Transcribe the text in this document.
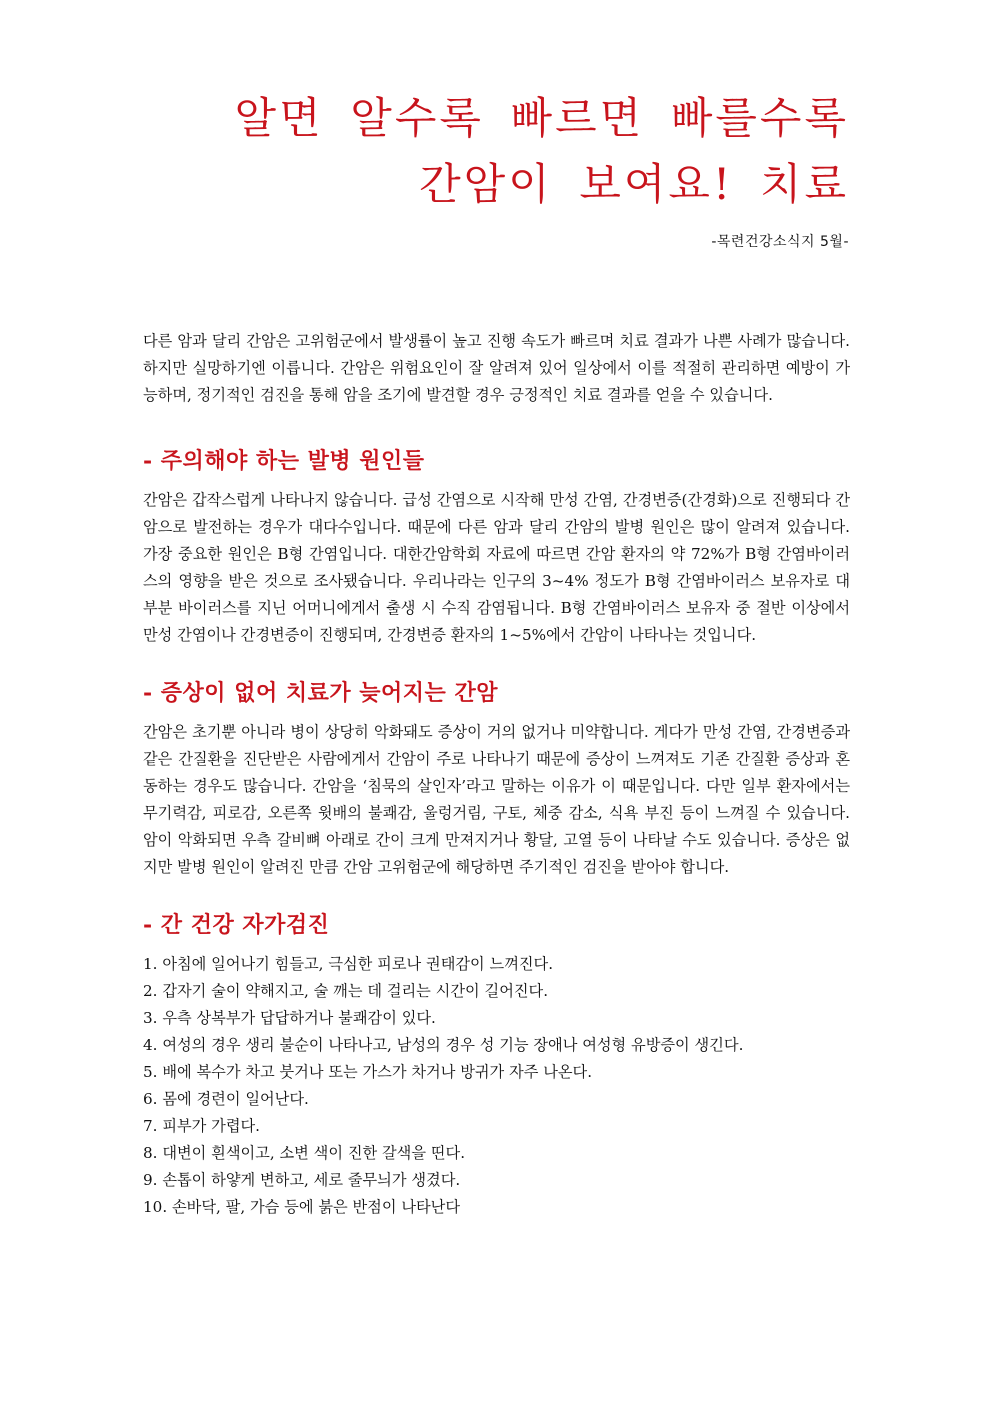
알면 알수록 빠르면 빠를수록
간암이 보여요! 치료
-목련건강소식지 5월-

다른 암과 달리 간암은 고위험군에서 발생률이 높고 진행 속도가 빠르며 치료 결과가 나쁜 사례가 많습니다. 하지만 실망하기엔 이릅니다. 간암은 위험요인이 잘 알려져 있어 일상에서 이를 적절히 관리하면 예방이 가능하며, 정기적인 검진을 통해 암을 조기에 발견할 경우 긍정적인 치료 결과를 얻을 수 있습니다.

- 주의해야 하는 발병 원인들

간암은 갑작스럽게 나타나지 않습니다. 급성 간염으로 시작해 만성 간염, 간경변증(간경화)으로 진행되다 간암으로 발전하는 경우가 대다수입니다. 때문에 다른 암과 달리 간암의 발병 원인은 많이 알려져 있습니다. 가장 중요한 원인은 B형 간염입니다. 대한간암학회 자료에 따르면 간암 환자의 약 72%가 B형 간염바이러스의 영향을 받은 것으로 조사됐습니다. 우리나라는 인구의 3~4% 정도가 B형 간염바이러스 보유자로 대부분 바이러스를 지닌 어머니에게서 출생 시 수직 감염됩니다. B형 간염바이러스 보유자 중 절반 이상에서 만성 간염이나 간경변증이 진행되며, 간경변증 환자의 1~5%에서 간암이 나타나는 것입니다.

- 증상이 없어 치료가 늦어지는 간암

간암은 초기뿐 아니라 병이 상당히 악화돼도 증상이 거의 없거나 미약합니다. 게다가 만성 간염, 간경변증과 같은 간질환을 진단받은 사람에게서 간암이 주로 나타나기 때문에 증상이 느껴져도 기존 간질환 증상과 혼동하는 경우도 많습니다. 간암을 ‘침묵의 살인자’라고 말하는 이유가 이 때문입니다. 다만 일부 환자에서는 무기력감, 피로감, 오른쪽 윗배의 불쾌감, 울렁거림, 구토, 체중 감소, 식욕 부진 등이 느껴질 수 있습니다. 암이 악화되면 우측 갈비뼈 아래로 간이 크게 만져지거나 황달, 고열 등이 나타날 수도 있습니다. 증상은 없지만 발병 원인이 알려진 만큼 간암 고위험군에 해당하면 주기적인 검진을 받아야 합니다.

- 간 건강 자가검진
1. 아침에 일어나기 힘들고, 극심한 피로나 권태감이 느껴진다.
2. 갑자기 술이 약해지고, 술 깨는 데 걸리는 시간이 길어진다.
3. 우측 상복부가 답답하거나 불쾌감이 있다.
4. 여성의 경우 생리 불순이 나타나고, 남성의 경우 성 기능 장애나 여성형 유방증이 생긴다.
5. 배에 복수가 차고 붓거나 또는 가스가 차거나 방귀가 자주 나온다.
6. 몸에 경련이 일어난다.
7. 피부가 가렵다.
8. 대변이 흰색이고, 소변 색이 진한 갈색을 띤다.
9. 손톱이 하얗게 변하고, 세로 줄무늬가 생겼다.
10. 손바닥, 팔, 가슴 등에 붉은 반점이 나타난다
